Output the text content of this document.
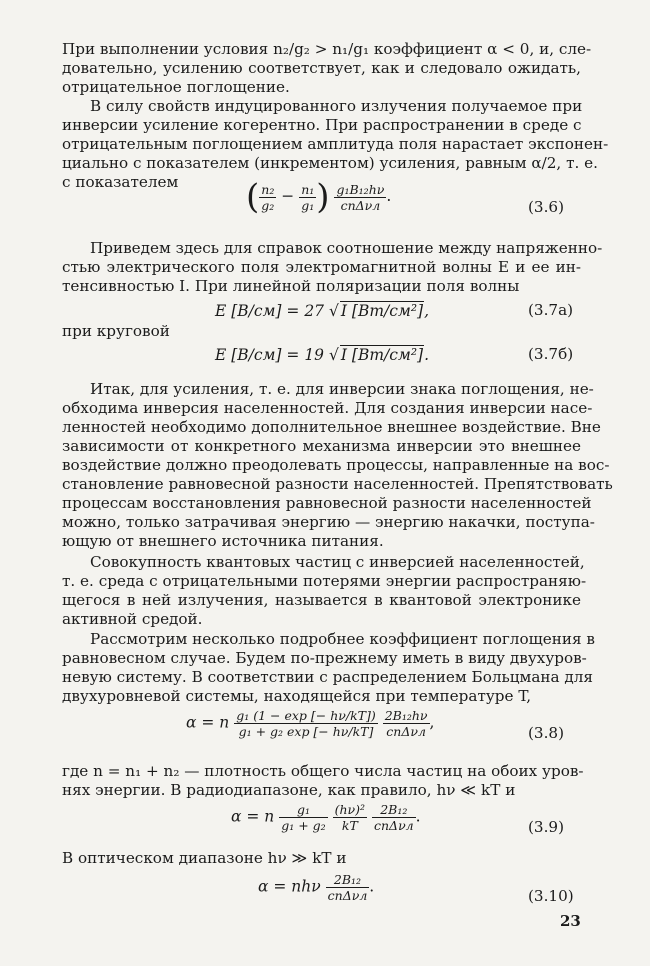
При выполнении условия n₂/g₂ > n₁/g₁ коэффициент α < 0, и, сле-
довательно, усилению соответствует, как и следовало ожидать,
отрицательное поглощение.
В силу свойств индуцированного излучения получаемое при
инверсии усиление когерентно. При распространении в среде с
отрицательным поглощением амплитуда поля нарастает экспонен-
циально с показателем (инкрементом) усиления, равным α/2, т. е.
с показателем	( $\frac{\text{n₂}}{\text{g₂}} - \frac{\text{n₁}}{\text{g₁}}$ ) $\frac{\text{g₁B₁₂hν}}{\text{cnΔνл}}$ .
(3.6)
Приведем здесь для справок соотношение между напряженно-
стью электрического поля электромагнитной волны E и ее ин-
тенсивностью I. При линейной поляризации поля волны
E [В/см] = 27 √ I [Вт/см²],	(3.7а)
при круговой
E [В/см] = 19 √ I [Вт/см²].	(3.7б)
Итак, для усиления, т. е. для инверсии знака поглощения, не-
обходима инверсия населенностей. Для создания инверсии насе-
ленностей необходимо дополнительное внешнее воздействие. Вне
зависимости от конкретного механизма инверсии это внешнее
воздействие должно преодолевать процессы, направленные на вос-
становление равновесной разности населенностей. Препятствовать
процессам восстановления равновесной разности населенностей
можно, только затрачивая энергию — энергию накачки, поступа-
ющую от внешнего источника питания.
Совокупность квантовых частиц с инверсией населенностей,
т. е. среда с отрицательными потерями энергии распространяю-
щегося в ней излучения, называется в квантовой электронике
активной средой.
Рассмотрим несколько подробнее коэффициент поглощения в
равновесном случае. Будем по-прежнему иметь в виду двухуров-
невую систему. В соответствии с распределением Больцмана для
двухуровневой системы, находящейся при температуре T,
α = n $\frac{\text{g₁ (1 − exp [− hν/kT])}}{\text{g₁ + g₂ exp [− hν/kT]}}$
$\frac{\text{2B₁₂hν}}{\text{cnΔνл}}$ ,
(3.8)
где n = n₁ + n₂ — плотность общего числа частиц на обоих уров-
нях энергии. В радиодиапазоне, как правило, hν ≪ kT и
α = n $\frac{\text{g₁}}{\text{g₁ + g₂}}$
$\frac{\text{(hν)²}}{kT}$
$\frac{\text{2B₁₂}}{\text{cnΔνл}}$ .
(3.9)
В оптическом диапазоне hν ≫ kT и
α = nhν $\frac{\text{2B₁₂}}{\text{cnΔνл}}$ .
(3.10)
23
